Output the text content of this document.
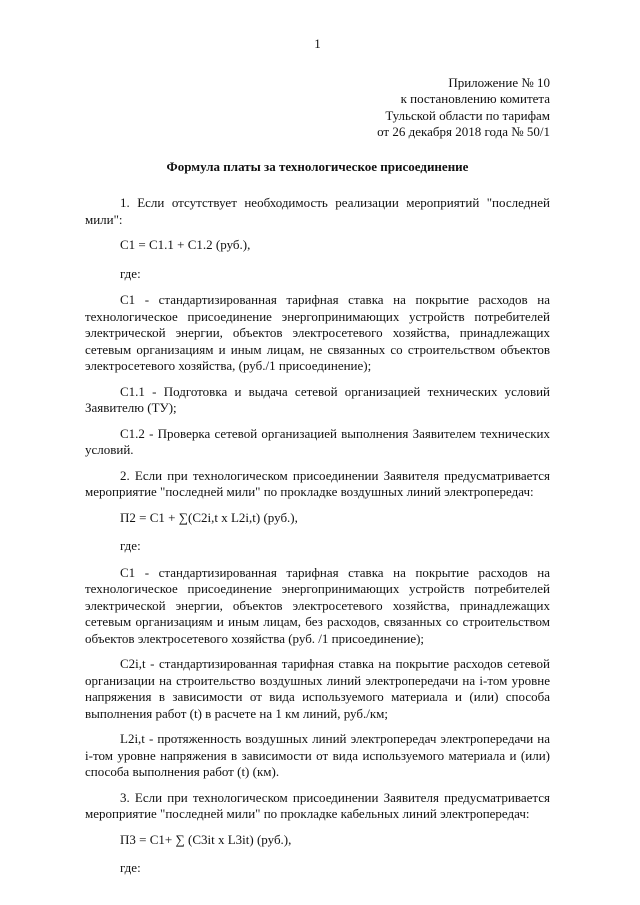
1
Приложение № 10
к постановлению комитета
Тульской области по тарифам
от 26 декабря 2018 года № 50/1
Формула платы за технологическое присоединение

1. Если отсутствует необходимость реализации мероприятий "последней мили":

C1 = C1.1 + C1.2 (руб.),

где:

C1 - стандартизированная тарифная ставка на покрытие расходов на технологическое присоединение энергопринимающих устройств потребителей электрической энергии, объектов электросетевого хозяйства, принадлежащих сетевым организациям и иным лицам, не связанных со строительством объектов электросетевого хозяйства, (руб./1 присоединение);

C1.1 - Подготовка и выдача сетевой организацией технических условий Заявителю (ТУ);

C1.2 - Проверка сетевой организацией выполнения Заявителем технических условий.

2. Если при технологическом присоединении Заявителя предусматривается мероприятие "последней мили" по прокладке воздушных линий электропередач:

П2 = C1 + ∑(C2i,t x L2i,t) (руб.),

где:

C1 - стандартизированная тарифная ставка на покрытие расходов на технологическое присоединение энергопринимающих устройств потребителей электрической энергии, объектов электросетевого хозяйства, принадлежащих сетевым организациям и иным лицам, без расходов, связанных со строительством объектов электросетевого хозяйства (руб. /1 присоединение);

C2i,t - стандартизированная тарифная ставка на покрытие расходов сетевой организации на строительство воздушных линий электропередачи на i-том уровне напряжения в зависимости от вида используемого материала и (или) способа выполнения работ (t) в расчете на 1 км линий, руб./км;

L2i,t - протяженность воздушных линий электропередач электропередачи на i-том уровне напряжения в зависимости от вида используемого материала и (или) способа выполнения работ (t) (км).

3. Если при технологическом присоединении Заявителя предусматривается мероприятие "последней мили" по прокладке кабельных линий электропередач:

П3 = C1+ ∑ (C3it x L3it) (руб.),

где:
